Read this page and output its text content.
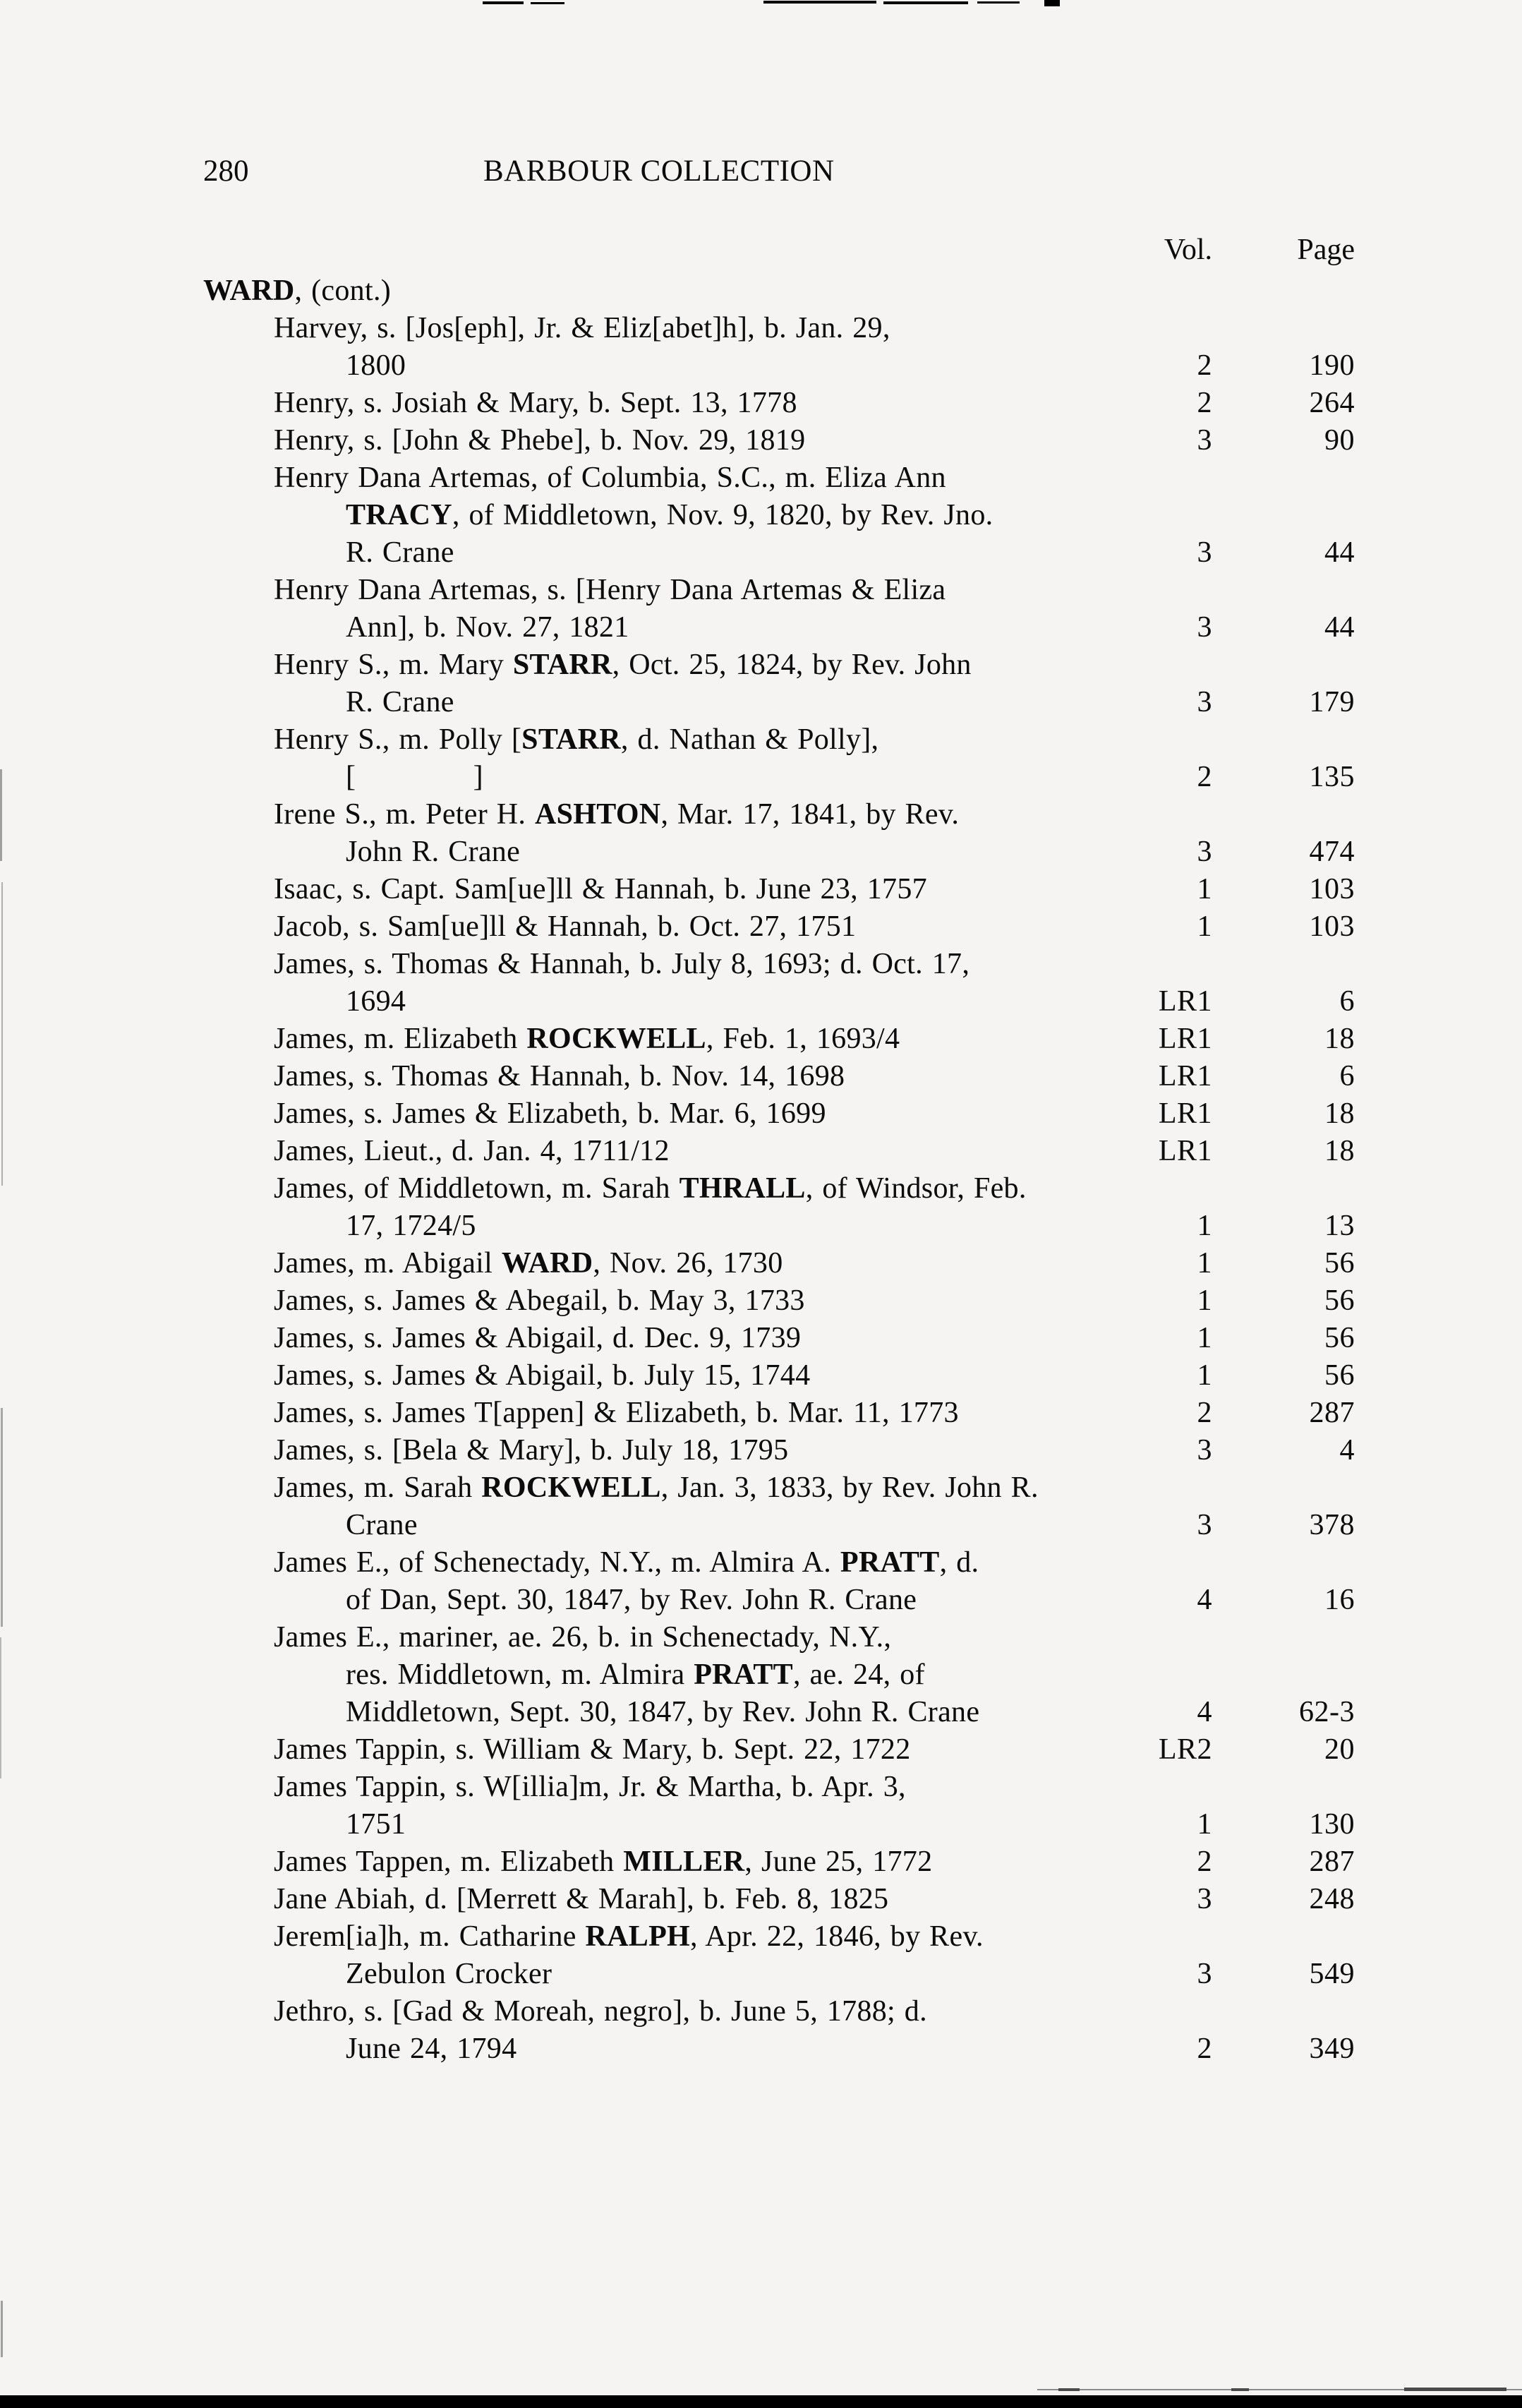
280	BARBOUR COLLECTION
Vol.	Page
WARD, (cont.)
Harvey, s. [Jos[eph], Jr. & Eliz[abet]h], b. Jan. 29,
1800	2	190
Henry, s. Josiah & Mary, b. Sept. 13, 1778	2	264
Henry, s. [John & Phebe], b. Nov. 29, 1819	3	90
Henry Dana Artemas, of Columbia, S.C., m. Eliza Ann
TRACY, of Middletown, Nov. 9, 1820, by Rev. Jno.
R. Crane	3	44
Henry Dana Artemas, s. [Henry Dana Artemas & Eliza
Ann], b. Nov. 27, 1821	3	44
Henry S., m. Mary STARR, Oct. 25, 1824, by Rev. John
R. Crane	3	179
Henry S., m. Polly [STARR, d. Nathan & Polly],
[             ]	2	135
Irene S., m. Peter H. ASHTON, Mar. 17, 1841, by Rev.
John R. Crane	3	474
Isaac, s. Capt. Sam[ue]ll & Hannah, b. June 23, 1757	1	103
Jacob, s. Sam[ue]ll & Hannah, b. Oct. 27, 1751	1	103
James, s. Thomas & Hannah, b. July 8, 1693; d. Oct. 17,
1694	LR1	6
James, m. Elizabeth ROCKWELL, Feb. 1, 1693/4	LR1	18
James, s. Thomas & Hannah, b. Nov. 14, 1698	LR1	6
James, s. James & Elizabeth, b. Mar. 6, 1699	LR1	18
James, Lieut., d. Jan. 4, 1711/12	LR1	18
James, of Middletown, m. Sarah THRALL, of Windsor, Feb.
17, 1724/5	1	13
James, m. Abigail WARD, Nov. 26, 1730	1	56
James, s. James & Abegail, b. May 3, 1733	1	56
James, s. James & Abigail, d. Dec. 9, 1739	1	56
James, s. James & Abigail, b. July 15, 1744	1	56
James, s. James T[appen] & Elizabeth, b. Mar. 11, 1773	2	287
James, s. [Bela & Mary], b. July 18, 1795	3	4
James, m. Sarah ROCKWELL, Jan. 3, 1833, by Rev. John R.
Crane	3	378
James E., of Schenectady, N.Y., m. Almira A. PRATT, d.
of Dan, Sept. 30, 1847, by Rev. John R. Crane	4	16
James E., mariner, ae. 26, b. in Schenectady, N.Y.,
res. Middletown, m. Almira PRATT, ae. 24, of
Middletown, Sept. 30, 1847, by Rev. John R. Crane	4	62-3
James Tappin, s. William & Mary, b. Sept. 22, 1722	LR2	20
James Tappin, s. W[illia]m, Jr. & Martha, b. Apr. 3,
1751	1	130
James Tappen, m. Elizabeth MILLER, June 25, 1772	2	287
Jane Abiah, d. [Merrett & Marah], b. Feb. 8, 1825	3	248
Jerem[ia]h, m. Catharine RALPH, Apr. 22, 1846, by Rev.
Zebulon Crocker	3	549
Jethro, s. [Gad & Moreah, negro], b. June 5, 1788; d.
June 24, 1794	2	349
